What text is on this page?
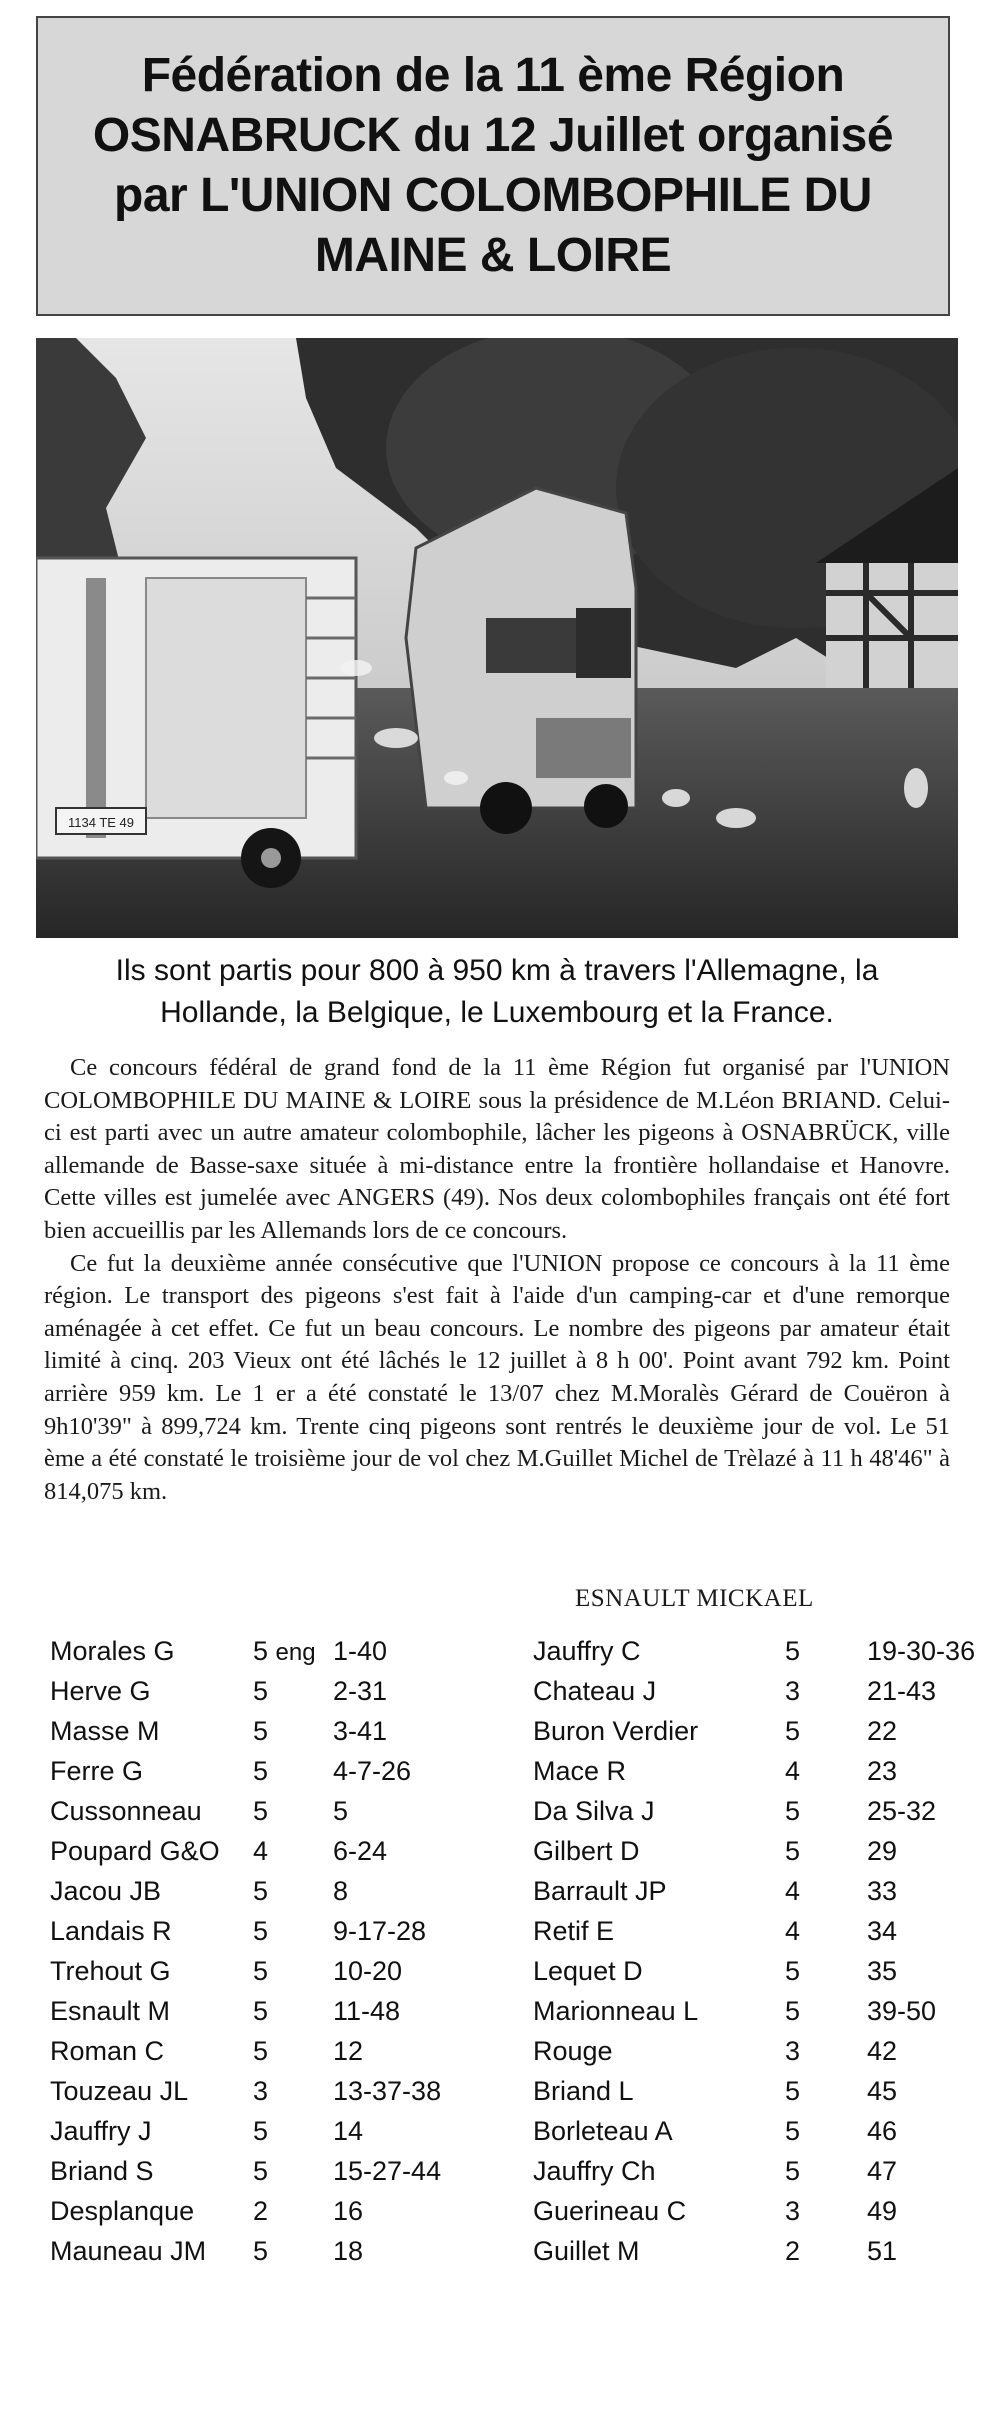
Fédération de la 11 ème Région
OSNABRUCK du 12 Juillet organisé
par L'UNION COLOMBOPHILE DU
MAINE & LOIRE
1134 TE 49
Ils sont partis pour 800 à 950 km à travers l'Allemagne, la
Hollande, la Belgique, le Luxembourg et la France.

Ce concours fédéral de grand fond de la 11 ème Région fut organisé par l'UNION COLOMBOPHILE DU MAINE & LOIRE sous la présidence de M.Léon BRIAND. Celui-ci est parti avec un autre amateur colombophile, lâcher les pigeons à OSNABRÜCK, ville allemande de Basse-saxe située à mi-distance entre la frontière hollandaise et Hanovre. Cette villes est jumelée avec ANGERS (49). Nos deux colombophiles français ont été fort bien accueillis par les Allemands lors de ce concours.

Ce fut la deuxième année consécutive que l'UNION propose ce concours à la 11 ème région. Le transport des pigeons s'est fait à l'aide d'un camping-car et d'une remorque aménagée à cet effet. Ce fut un beau concours. Le nombre des pigeons par amateur était limité à cinq. 203 Vieux ont été lâchés le 12 juillet à 8 h 00'. Point avant 792 km. Point arrière 959 km. Le 1 er a été constaté le 13/07 chez M.Moralès Gérard de Couëron à 9h10'39" à 899,724 km. Trente cinq pigeons sont rentrés le deuxième jour de vol. Le 51 ème a été constaté le troisième jour de vol chez M.Guillet Michel de Trèlazé à 11 h 48'46" à 814,075 km.

ESNAULT MICKAEL
Morales G	5 eng 1-40
Herve G	5 2-31
Masse M	5 3-41
Ferre G	5 4-7-26
Cussonneau 5 5
Poupard G&O 4 6-24
Jacou JB	5 8
Landais R	5 9-17-28
Trehout G	5 10-20
Esnault M	5 11-48
Roman C	5 12
Touzeau JL 3 13-37-38
Jauffry J	5 14
Briand S	5 15-27-44
Desplanque 2 16
Mauneau JM 5 18
Jauffry C	5 19-30-36
Chateau J	3 21-43
Buron Verdier	5 22
Mace R	4 23
Da Silva J	5 25-32
Gilbert D	5 29
Barrault JP	4 33
Retif E	4 34
Lequet D	5 35
Marionneau L	5 39-50
Rouge	3 42
Briand L	5 45
Borleteau A	5 46
Jauffry Ch	5 47
Guerineau C	3 49
Guillet M	2 51
